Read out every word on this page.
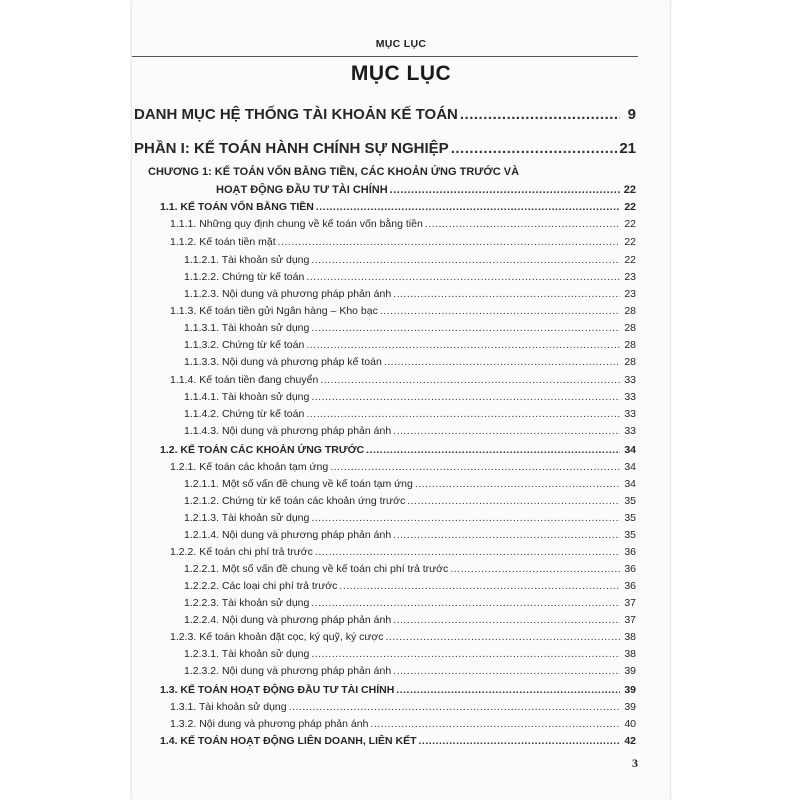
MỤC LỤC
MỤC LỤC
DANH MỤC HỆ THỐNG TÀI KHOẢN KẾ TOÁN .....	9
PHẦN I: KẾ TOÁN HÀNH CHÍNH SỰ NGHIỆP .....	21
CHƯƠNG 1: KẾ TOÁN VỐN BẰNG TIỀN, CÁC KHOẢN ỨNG TRƯỚC VÀ
HOẠT ĐỘNG ĐẦU TƯ TÀI CHÍNH .....	22
1.1. KẾ TOÁN VỐN BẰNG TIỀN .....	22
1.1.1. Những quy định chung về kế toán vốn bằng tiền .....	22
1.1.2. Kế toán tiền mặt .....	22
1.1.2.1. Tài khoản sử dụng .....	22
1.1.2.2. Chứng từ kế toán .....	23
1.1.2.3. Nội dung và phương pháp phản ánh .....	23
1.1.3. Kế toán tiền gửi Ngân hàng – Kho bạc .....	28
1.1.3.1. Tài khoản sử dụng .....	28
1.1.3.2. Chứng từ kế toán .....	28
1.1.3.3. Nội dung và phương pháp kế toán .....	28
1.1.4. Kế toán tiền đang chuyển .....	33
1.1.4.1. Tài khoản sử dụng .....	33
1.1.4.2. Chứng từ kế toán .....	33
1.1.4.3. Nội dung và phương pháp phản ánh .....	33
1.2. KẾ TOÁN CÁC KHOẢN ỨNG TRƯỚC .....	34
1.2.1. Kế toán các khoản tạm ứng .....	34
1.2.1.1. Một số vấn đề chung về kế toán tạm ứng .....	34
1.2.1.2. Chứng từ kế toán các khoản ứng trước .....	35
1.2.1.3. Tài khoản sử dụng .....	35
1.2.1.4. Nội dung và phương pháp phản ánh .....	35
1.2.2. Kế toán chi phí trả trước .....	36
1.2.2.1. Một số vấn đề chung về kế toán chi phí trả trước .....	36
1.2.2.2. Các loại chi phí trả trước .....	36
1.2.2.3. Tài khoản sử dụng .....	37
1.2.2.4. Nội dung và phương pháp phản ánh .....	37
1.2.3. Kế toán khoản đặt cọc, ký quỹ, ký cược .....	38
1.2.3.1. Tài khoản sử dụng .....	38
1.2.3.2. Nội dung và phương pháp phản ánh .....	39
1.3. KẾ TOÁN HOẠT ĐỘNG ĐẦU TƯ TÀI CHÍNH .....	39
1.3.1. Tài khoản sử dụng .....	39
1.3.2. Nội dung và phương pháp phản ánh .....	40
1.4. KẾ TOÁN HOẠT ĐỘNG LIÊN DOANH, LIÊN KẾT .....	42
3
